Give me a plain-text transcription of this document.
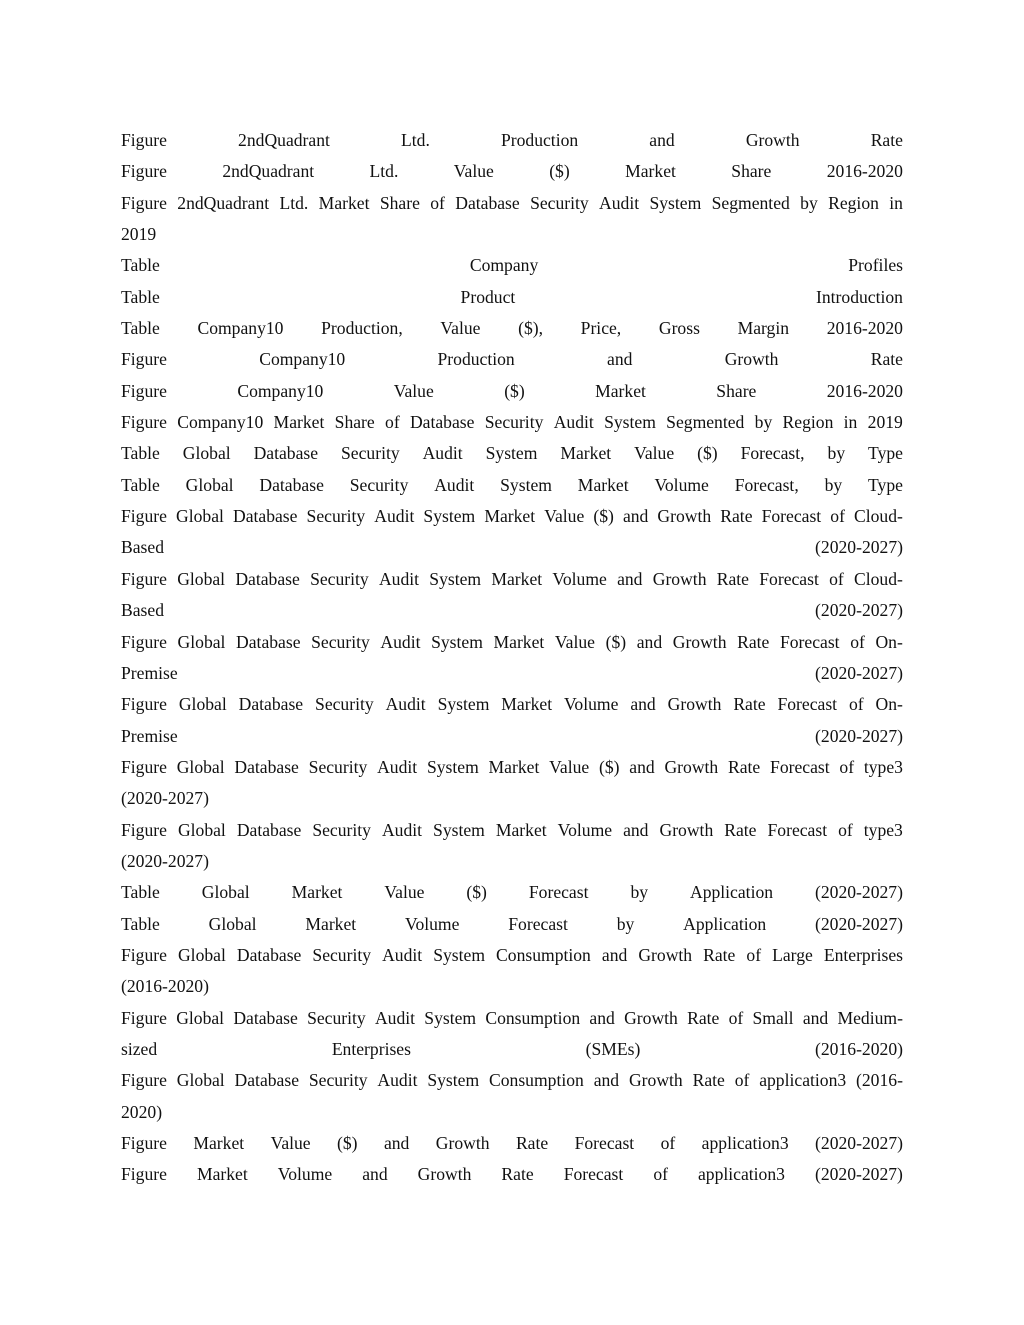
Figure	2ndQuadrant	Ltd.	Production	and	Growth	Rate
Figure	2ndQuadrant	Ltd.	Value	($)	Market	Share	2016-2020
Figure 2ndQuadrant Ltd. Market Share of Database Security Audit System Segmented by Region in
2019
Table	Company	Profiles
Table	Product	Introduction
Table Company10 Production, Value ($), Price, Gross Margin 2016-2020
Figure	Company10	Production	and	Growth	Rate
Figure	Company10	Value	($)	Market	Share	2016-2020
Figure Company10 Market Share of Database Security Audit System Segmented by Region in 2019
Table Global Database Security Audit System Market Value ($) Forecast, by Type
Table Global Database Security Audit System Market Volume Forecast, by Type
Figure Global Database Security Audit System Market Value ($) and Growth Rate Forecast of Cloud-
Based	(2020-2027)
Figure Global Database Security Audit System Market Volume and Growth Rate Forecast of Cloud-
Based	(2020-2027)
Figure Global Database Security Audit System Market Value ($) and Growth Rate Forecast of On-
Premise	(2020-2027)
Figure Global Database Security Audit System Market Volume and Growth Rate Forecast of On-
Premise	(2020-2027)
Figure Global Database Security Audit System Market Value ($) and Growth Rate Forecast of type3
(2020-2027)
Figure Global Database Security Audit System Market Volume and Growth Rate Forecast of type3
(2020-2027)
Table Global Market Value ($) Forecast by Application (2020-2027)
Table	Global	Market	Volume	Forecast	by	Application	(2020-2027)
Figure Global Database Security Audit System Consumption and Growth Rate of Large Enterprises
(2016-2020)
Figure Global Database Security Audit System Consumption and Growth Rate of Small and Medium-
sized	Enterprises	(SMEs)	(2016-2020)
Figure Global Database Security Audit System Consumption and Growth Rate of application3 (2016-
2020)
Figure Market Value ($) and Growth Rate Forecast of application3 (2020-2027)
Figure Market Volume and Growth Rate Forecast of application3 (2020-2027)
